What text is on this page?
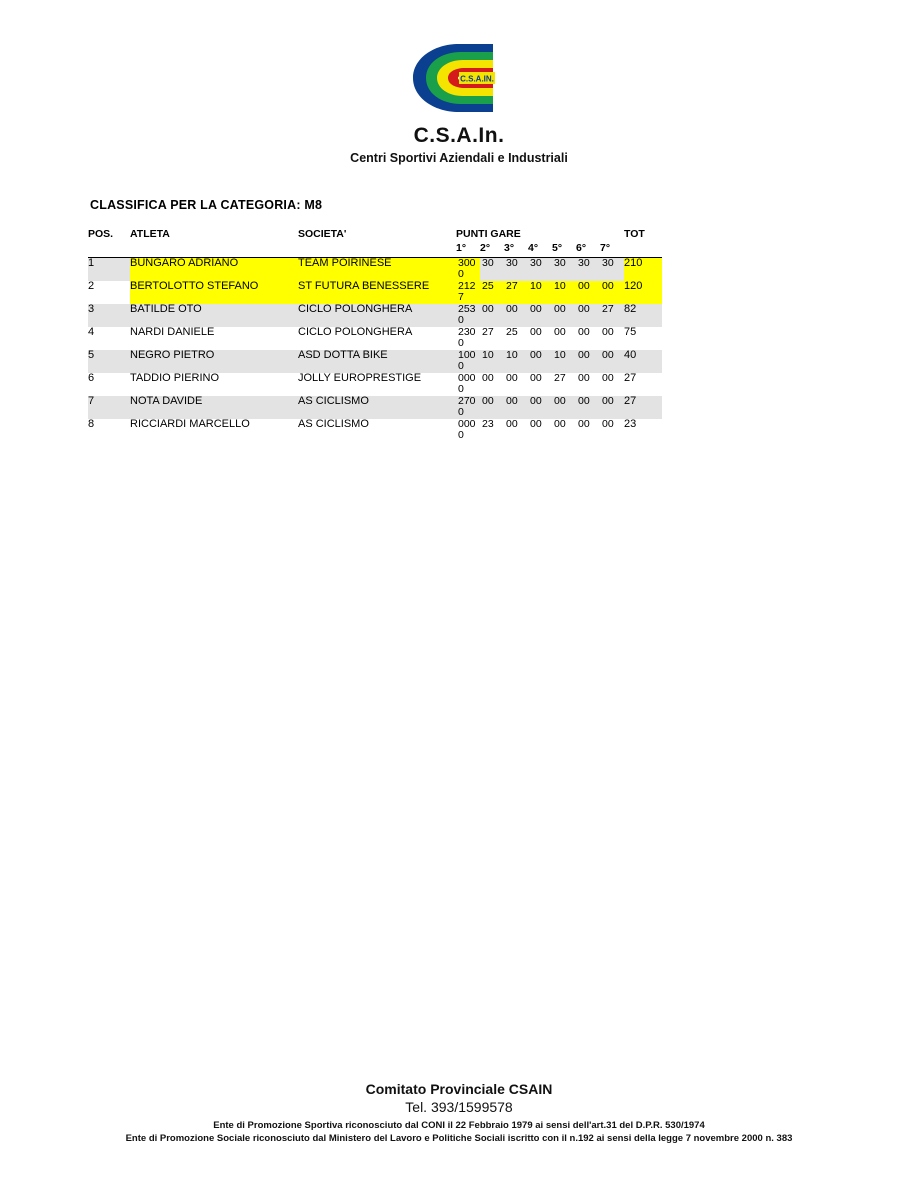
C.S.A.IN.
C.S.A.In.
Centri Sportivi Aziendali e Industriali
CLASSIFICA PER LA CATEGORIA: M8
POS.	ATLETA	SOCIETA'	PUNTI GARE							TOT
			1°	2°	3°	4°	5°	6°	7°	
1	BUNGARO ADRIANO	TEAM POIRINESE	3000	30	30	30	30	30	30	210
2	BERTOLOTTO STEFANO	ST FUTURA BENESSERE	2127	25	27	10	10	00	00	120
3	BATILDE OTO	CICLO POLONGHERA	2530	00	00	00	00	00	27	82
4	NARDI DANIELE	CICLO POLONGHERA	2300	27	25	00	00	00	00	75
5	NEGRO PIETRO	ASD DOTTA BIKE	1000	10	10	00	10	00	00	40
6	TADDIO PIERINO	JOLLY EUROPRESTIGE	0000	00	00	00	27	00	00	27
7	NOTA DAVIDE	AS CICLISMO	2700	00	00	00	00	00	00	27
8	RICCIARDI MARCELLO	AS CICLISMO	0000	23	00	00	00	00	00	23
Comitato Provinciale CSAIN
Tel. 393/1599578
Ente di Promozione Sportiva riconosciuto dal CONI il 22 Febbraio 1979 ai sensi dell'art.31 del D.P.R. 530/1974
Ente di Promozione Sociale riconosciuto dal Ministero del Lavoro e Politiche Sociali iscritto con il n.192 ai sensi della legge 7 novembre 2000 n. 383
